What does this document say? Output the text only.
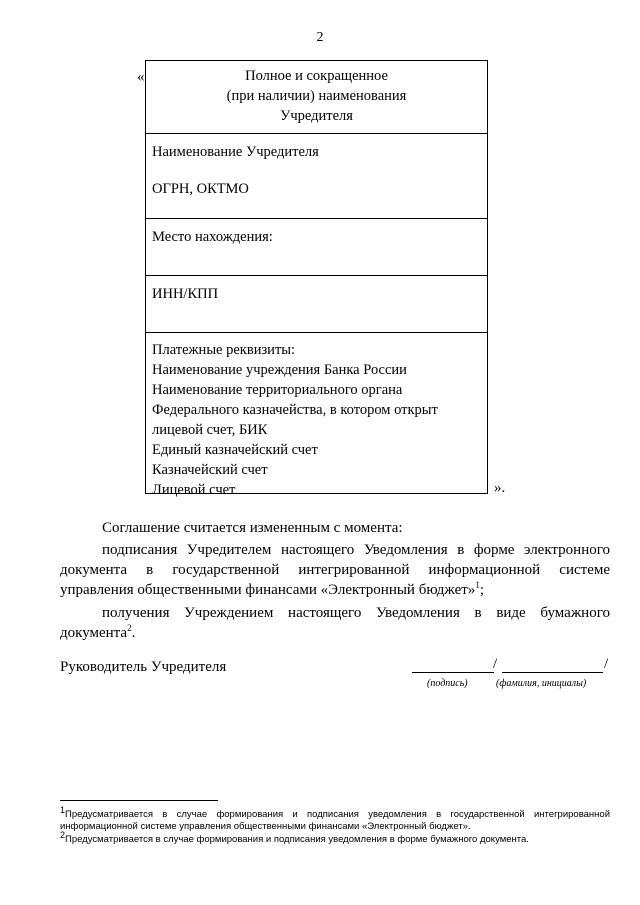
2
«	Полное и сокращенное
(при наличии) наименования
Учредителя
Наименование Учредителя
ОГРН, ОКТМО
Место нахождения:
ИНН/КПП
Платежные реквизиты:
Наименование учреждения Банка России
Наименование территориального органа
Федерального казначейства, в котором открыт
лицевой счет, БИК
Единый казначейский счет
Казначейский счет
Лицевой счет	».
Соглашение считается измененным с момента:
подписания Учредителем настоящего Уведомления в форме электронного
документа в государственной интегрированной информационной системе
управления общественными финансами «Электронный бюджет»$^1$;
получения Учреждением настоящего Уведомления в виде бумажного
документа$^2$.
Руководитель Учредителя	/	/
(подпись)	(фамилия, инициалы)
1Предусматривается в случае формирования и подписания уведомления в государственной интегрированной
информационной системе управления общественными финансами «Электронный бюджет».
2Предусматривается в случае формирования и подписания уведомления в форме бумажного документа.
